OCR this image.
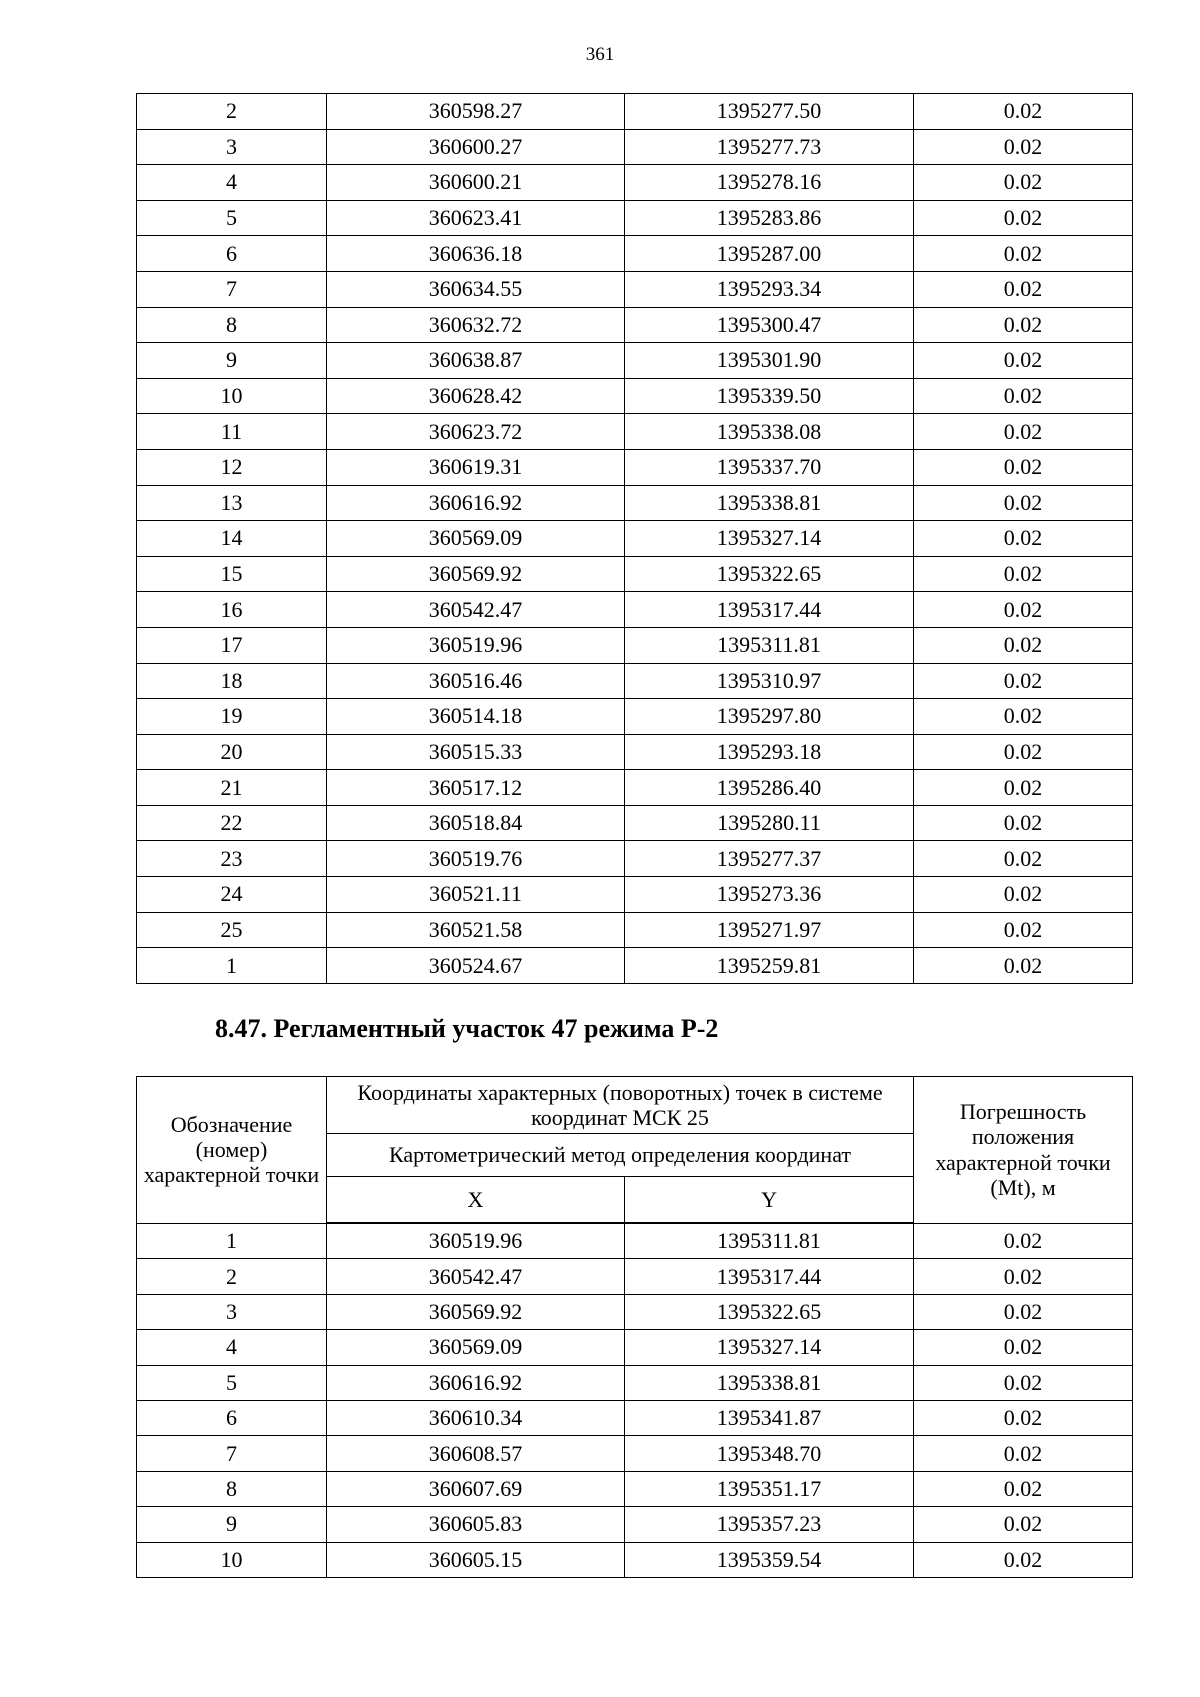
361
2	360598.27	1395277.50	0.02
3	360600.27	1395277.73	0.02
4	360600.21	1395278.16	0.02
5	360623.41	1395283.86	0.02
6	360636.18	1395287.00	0.02
7	360634.55	1395293.34	0.02
8	360632.72	1395300.47	0.02
9	360638.87	1395301.90	0.02
10	360628.42	1395339.50	0.02
11	360623.72	1395338.08	0.02
12	360619.31	1395337.70	0.02
13	360616.92	1395338.81	0.02
14	360569.09	1395327.14	0.02
15	360569.92	1395322.65	0.02
16	360542.47	1395317.44	0.02
17	360519.96	1395311.81	0.02
18	360516.46	1395310.97	0.02
19	360514.18	1395297.80	0.02
20	360515.33	1395293.18	0.02
21	360517.12	1395286.40	0.02
22	360518.84	1395280.11	0.02
23	360519.76	1395277.37	0.02
24	360521.11	1395273.36	0.02
25	360521.58	1395271.97	0.02
1	360524.67	1395259.81	0.02
8.47. Регламентный участок 47 режима Р-2
Обозначение (номер) характерной точки	Координаты характерных (поворотных) точек в системе координат МСК 25		Погрешность положения характерной точки (Mt), м
	Картометрический метод определения координат		
	X	Y	
1	360519.96	1395311.81	0.02
2	360542.47	1395317.44	0.02
3	360569.92	1395322.65	0.02
4	360569.09	1395327.14	0.02
5	360616.92	1395338.81	0.02
6	360610.34	1395341.87	0.02
7	360608.57	1395348.70	0.02
8	360607.69	1395351.17	0.02
9	360605.83	1395357.23	0.02
10	360605.15	1395359.54	0.02
